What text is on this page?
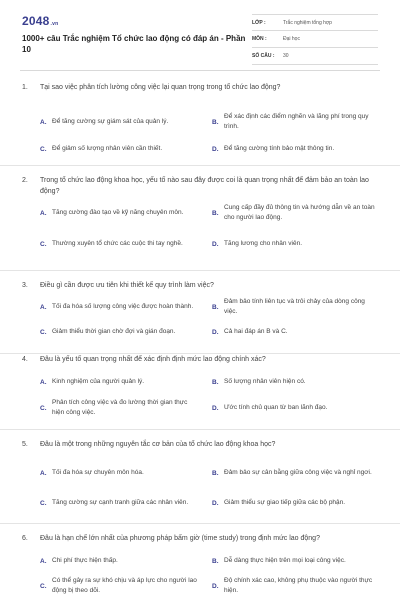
2048.vn
1000+ câu Trắc nghiệm Tổ chức lao động có đáp án - Phần 10
LỚP :	Trắc nghiệm tổng hợp
MÔN :	Đại học
SỐ CÂU :	30
1. Tại sao việc phân tích lường công việc lại quan trọng trong tổ chức lao động?
A. Để tăng cường sự giám sát của quản lý.	B.
Để xác định các điểm nghẽn và lãng phí trong quy trình.
C. Để giảm số lượng nhân viên cần thiết.	D. Để tăng cường tính bảo mật thông tin.
2. Trong tổ chức lao động khoa học, yếu tố nào sau đây được coi là quan trọng nhất để đảm bảo an toàn lao động?
A. Tăng cường đào tạo về kỹ năng chuyên môn.	B.
Cung cấp đầy đủ thông tin và hướng dẫn về an toàn cho người lao động.
C. Thường xuyên tổ chức các cuộc thi tay nghề.	D. Tăng lương cho nhân viên.
3. Điều gì cần được ưu tiên khi thiết kế quy trình làm việc?
A. Tối đa hóa số lượng công việc được hoàn thành.	B.
Đảm bảo tính liên tục và trôi chảy của dòng công việc.
C. Giảm thiểu thời gian chờ đợi và gián đoạn.	D. Cả hai đáp án B và C.
4. Đâu là yếu tố quan trọng nhất để xác định định mức lao động chính xác?
A. Kinh nghiệm của người quản lý.	B. Số lượng nhân viên hiện có.
C.
Phân tích công việc và đo lường thời gian thực hiện công việc.
D. Ước tính chủ quan từ ban lãnh đạo.
5. Đâu là một trong những nguyên tắc cơ bản của tổ chức lao động khoa học?
A. Tối đa hóa sự chuyên môn hóa.	B. Đảm bảo sự cân bằng giữa công việc và nghỉ ngơi.
C. Tăng cường sự cạnh tranh giữa các nhân viên.	D. Giảm thiểu sự giao tiếp giữa các bộ phận.
6. Đâu là hạn chế lớn nhất của phương pháp bấm giờ (time study) trong định mức lao động?
A. Chi phí thực hiện thấp.	B. Dễ dàng thực hiện trên mọi loại công việc.
C.
Có thể gây ra sự khó chịu và áp lực cho người lao động bị theo dõi.
D.
Độ chính xác cao, không phụ thuộc vào người thực hiện.
